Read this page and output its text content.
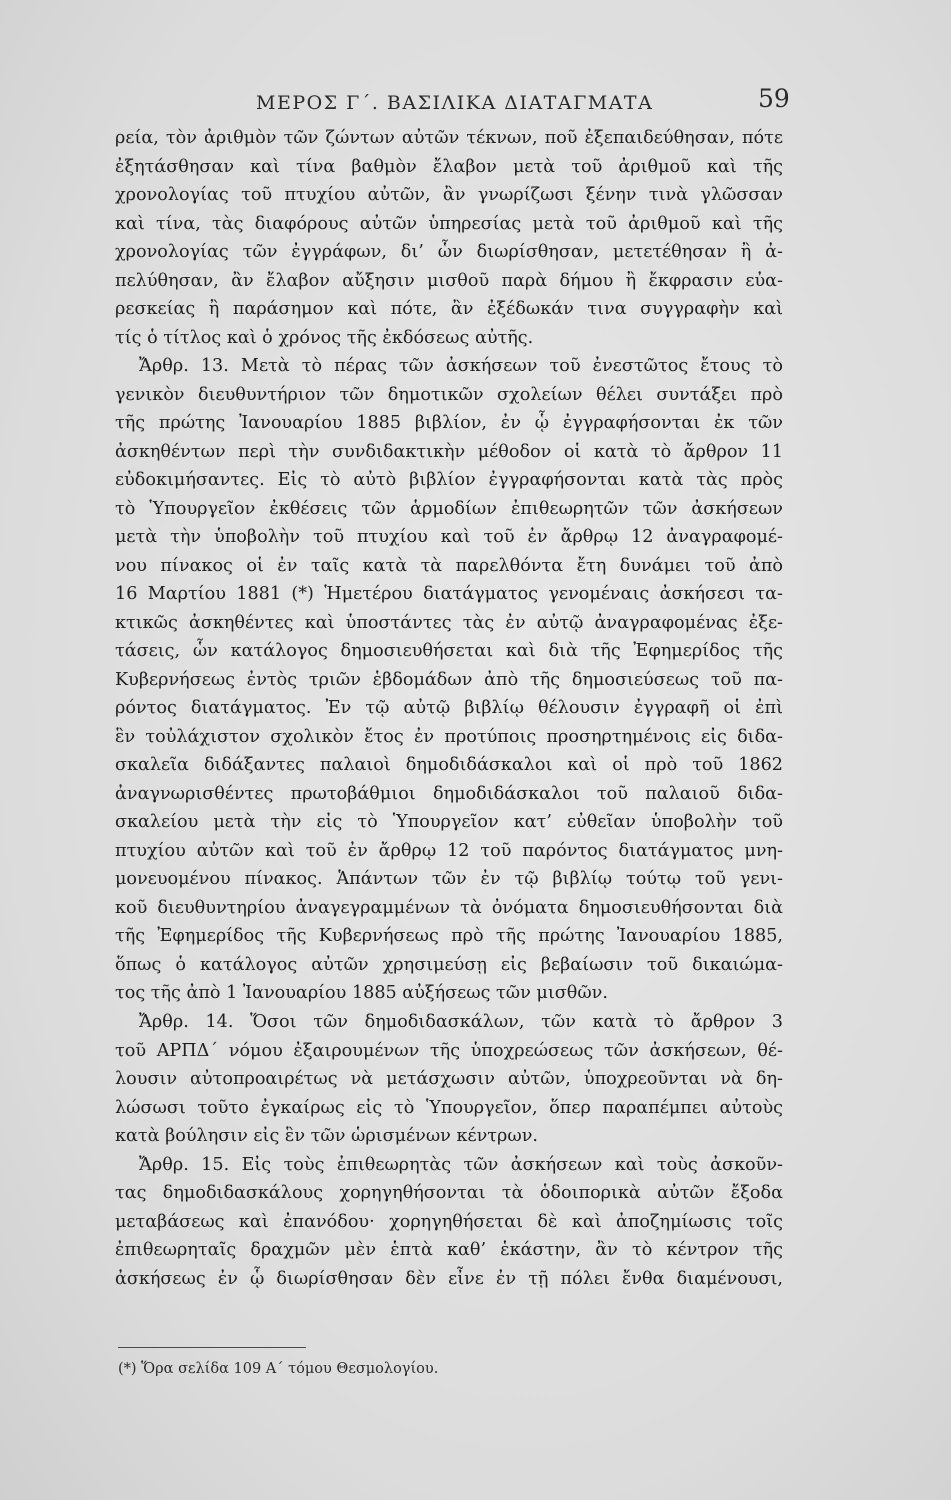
ΜΕΡΟΣ Γ΄. ΒΑΣΙΛΙΚΑ ΔΙΑΤΑΓΜΑΤΑ	59
ρεία, τὸν ἀριθμὸν τῶν ζώντων αὐτῶν τέκνων, ποῦ ἐξεπαιδεύθησαν, πότε
ἐξητάσθησαν καὶ τίνα βαθμὸν ἔλαβον μετὰ τοῦ ἀριθμοῦ καὶ τῆς
χρονολογίας τοῦ πτυχίου αὐτῶν, ἂν γνωρίζωσι ξένην τινὰ γλῶσσαν
καὶ τίνα, τὰς διαφόρους αὐτῶν ὑπηρεσίας μετὰ τοῦ ἀριθμοῦ καὶ τῆς
χρονολογίας τῶν ἐγγράφων, δι’ ὧν διωρίσθησαν, μετετέθησαν ἢ ἀ-
πελύθησαν, ἂν ἔλαβον αὔξησιν μισθοῦ παρὰ δήμου ἢ ἔκφρασιν εὐα-
ρεσκείας ἢ παράσημον καὶ πότε, ἂν ἐξέδωκάν τινα συγγραφὴν καὶ
τίς ὁ τίτλος καὶ ὁ χρόνος τῆς ἐκδόσεως αὐτῆς.
Ἄρθρ. 13. Μετὰ τὸ πέρας τῶν ἀσκήσεων τοῦ ἐνεστῶτος ἔτους τὸ
γενικὸν διευθυντήριον τῶν δημοτικῶν σχολείων θέλει συντάξει πρὸ
τῆς πρώτης Ἰανουαρίου 1885 βιβλίον, ἐν ᾧ ἐγγραφήσονται ἐκ τῶν
ἀσκηθέντων περὶ τὴν συνδιδακτικὴν μέθοδον οἱ κατὰ τὸ ἄρθρον 11
εὐδοκιμήσαντες. Εἰς τὸ αὐτὸ βιβλίον ἐγγραφήσονται κατὰ τὰς πρὸς
τὸ Ὑπουργεῖον ἐκθέσεις τῶν ἁρμοδίων ἐπιθεωρητῶν τῶν ἀσκήσεων
μετὰ τὴν ὑποβολὴν τοῦ πτυχίου καὶ τοῦ ἐν ἄρθρῳ 12 ἀναγραφομέ-
νου πίνακος οἱ ἐν ταῖς κατὰ τὰ παρελθόντα ἔτη δυνάμει τοῦ ἀπὸ
16 Μαρτίου 1881 (*) Ἡμετέρου διατάγματος γενομέναις ἀσκήσεσι τα-
κτικῶς ἀσκηθέντες καὶ ὑποστάντες τὰς ἐν αὐτῷ ἀναγραφομένας ἐξε-
τάσεις, ὧν κατάλογος δημοσιευθήσεται καὶ διὰ τῆς Ἐφημερίδος τῆς
Κυβερνήσεως ἐντὸς τριῶν ἑβδομάδων ἀπὸ τῆς δημοσιεύσεως τοῦ πα-
ρόντος διατάγματος. Ἐν τῷ αὐτῷ βιβλίῳ θέλουσιν ἐγγραφῆ οἱ ἐπὶ
ἓν τοὐλάχιστον σχολικὸν ἔτος ἐν προτύποις προσηρτημένοις εἰς διδα-
σκαλεῖα διδάξαντες παλαιοὶ δημοδιδάσκαλοι καὶ οἱ πρὸ τοῦ 1862
ἀναγνωρισθέντες πρωτοβάθμιοι δημοδιδάσκαλοι τοῦ παλαιοῦ διδα-
σκαλείου μετὰ τὴν εἰς τὸ Ὑπουργεῖον κατ’ εὐθεῖαν ὑποβολὴν τοῦ
πτυχίου αὐτῶν καὶ τοῦ ἐν ἄρθρῳ 12 τοῦ παρόντος διατάγματος μνη-
μονευομένου πίνακος. Ἁπάντων τῶν ἐν τῷ βιβλίῳ τούτῳ τοῦ γενι-
κοῦ διευθυντηρίου ἀναγεγραμμένων τὰ ὀνόματα δημοσιευθήσονται διὰ
τῆς Ἐφημερίδος τῆς Κυβερνήσεως πρὸ τῆς πρώτης Ἰανουαρίου 1885,
ὅπως ὁ κατάλογος αὐτῶν χρησιμεύσῃ εἰς βεβαίωσιν τοῦ δικαιώμα-
τος τῆς ἀπὸ 1 Ἰανουαρίου 1885 αὐξήσεως τῶν μισθῶν.
Ἄρθρ. 14. Ὅσοι τῶν δημοδιδασκάλων, τῶν κατὰ τὸ ἄρθρον 3
τοῦ ΑΡΠΔ΄ νόμου ἐξαιρουμένων τῆς ὑποχρεώσεως τῶν ἀσκήσεων, θέ-
λουσιν αὐτοπροαιρέτως νὰ μετάσχωσιν αὐτῶν, ὑποχρεοῦνται νὰ δη-
λώσωσι τοῦτο ἐγκαίρως εἰς τὸ Ὑπουργεῖον, ὅπερ παραπέμπει αὐτοὺς
κατὰ βούλησιν εἰς ἓν τῶν ὡρισμένων κέντρων.
Ἄρθρ. 15. Εἰς τοὺς ἐπιθεωρητὰς τῶν ἀσκήσεων καὶ τοὺς ἀσκοῦν-
τας δημοδιδασκάλους χορηγηθήσονται τὰ ὁδοιπορικὰ αὐτῶν ἔξοδα
μεταβάσεως καὶ ἐπανόδου· χορηγηθήσεται δὲ καὶ ἀποζημίωσις τοῖς
ἐπιθεωρηταῖς δραχμῶν μὲν ἑπτὰ καθ’ ἑκάστην, ἂν τὸ κέντρον τῆς
ἀσκήσεως ἐν ᾧ διωρίσθησαν δὲν εἶνε ἐν τῇ πόλει ἔνθα διαμένουσι,
(*) Ὅρα σελίδα 109 Α΄ τόμου Θεσμολογίου.
